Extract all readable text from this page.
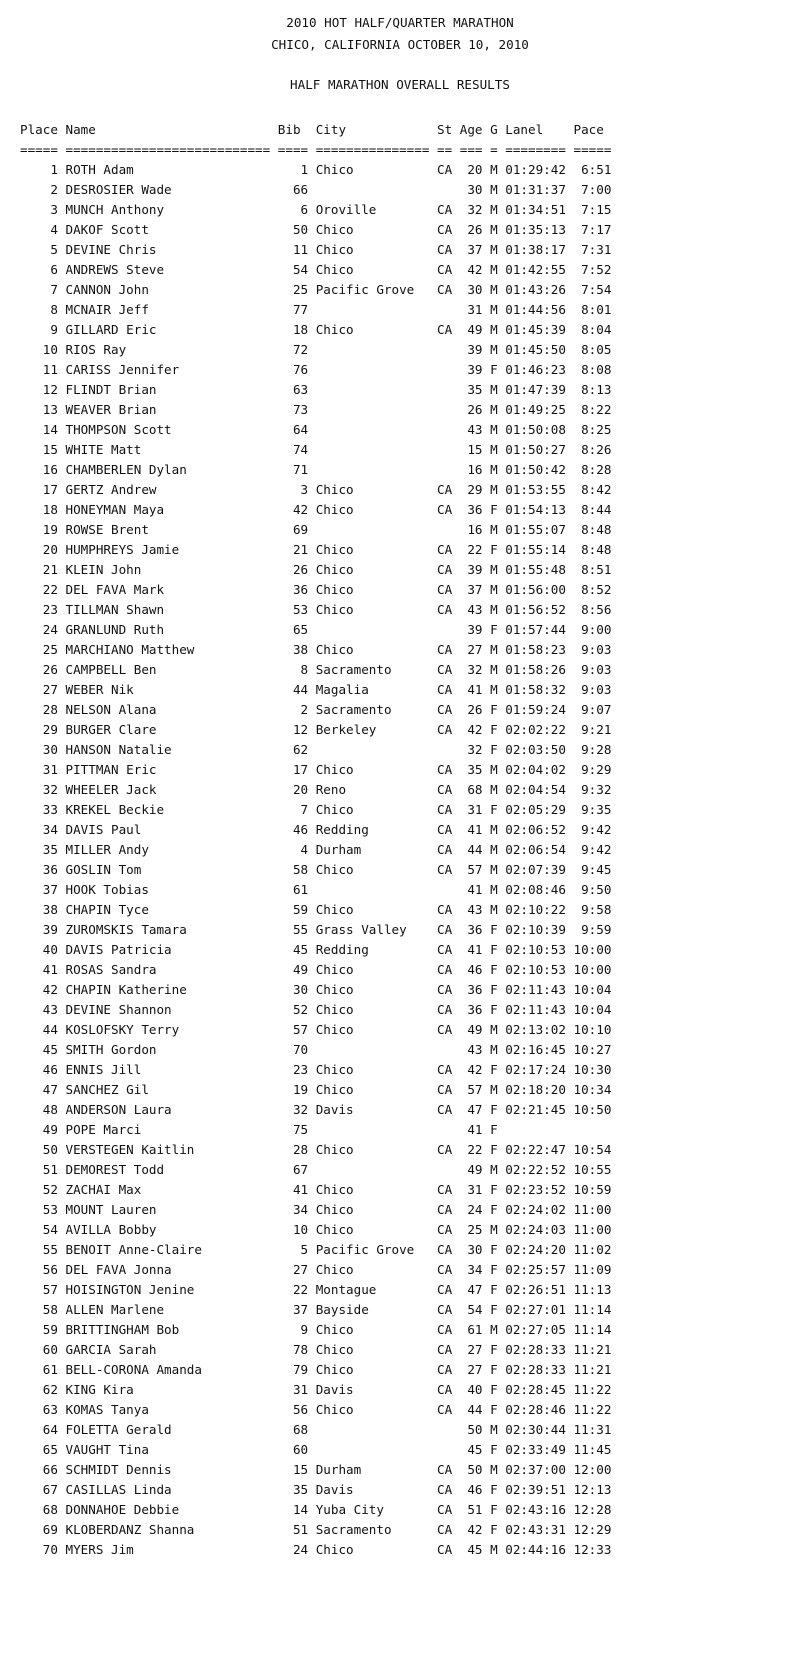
2010 HOT HALF/QUARTER MARATHON
CHICO, CALIFORNIA OCTOBER 10, 2010
HALF MARATHON OVERALL RESULTS
Place Name                        Bib  City            St Age G Lanel    Pace
===== =========================== ==== =============== == === = ======== =====
1 ROTH Adam                      1 Chico           CA  20 M 01:29:42  6:51
2 DESROSIER Wade                66                     30 M 01:31:37  7:00
3 MUNCH Anthony                  6 Oroville        CA  32 M 01:34:51  7:15
4 DAKOF Scott                   50 Chico           CA  26 M 01:35:13  7:17
5 DEVINE Chris                  11 Chico           CA  37 M 01:38:17  7:31
6 ANDREWS Steve                 54 Chico           CA  42 M 01:42:55  7:52
7 CANNON John                   25 Pacific Grove   CA  30 M 01:43:26  7:54
8 MCNAIR Jeff                   77                     31 M 01:44:56  8:01
9 GILLARD Eric                  18 Chico           CA  49 M 01:45:39  8:04
10 RIOS Ray                      72                     39 M 01:45:50  8:05
11 CARISS Jennifer               76                     39 F 01:46:23  8:08
12 FLINDT Brian                  63                     35 M 01:47:39  8:13
13 WEAVER Brian                  73                     26 M 01:49:25  8:22
14 THOMPSON Scott                64                     43 M 01:50:08  8:25
15 WHITE Matt                    74                     15 M 01:50:27  8:26
16 CHAMBERLEN Dylan              71                     16 M 01:50:42  8:28
17 GERTZ Andrew                   3 Chico           CA  29 M 01:53:55  8:42
18 HONEYMAN Maya                 42 Chico           CA  36 F 01:54:13  8:44
19 ROWSE Brent                   69                     16 M 01:55:07  8:48
20 HUMPHREYS Jamie               21 Chico           CA  22 F 01:55:14  8:48
21 KLEIN John                    26 Chico           CA  39 M 01:55:48  8:51
22 DEL FAVA Mark                 36 Chico           CA  37 M 01:56:00  8:52
23 TILLMAN Shawn                 53 Chico           CA  43 M 01:56:52  8:56
24 GRANLUND Ruth                 65                     39 F 01:57:44  9:00
25 MARCHIANO Matthew             38 Chico           CA  27 M 01:58:23  9:03
26 CAMPBELL Ben                   8 Sacramento      CA  32 M 01:58:26  9:03
27 WEBER Nik                     44 Magalia         CA  41 M 01:58:32  9:03
28 NELSON Alana                   2 Sacramento      CA  26 F 01:59:24  9:07
29 BURGER Clare                  12 Berkeley        CA  42 F 02:02:22  9:21
30 HANSON Natalie                62                     32 F 02:03:50  9:28
31 PITTMAN Eric                  17 Chico           CA  35 M 02:04:02  9:29
32 WHEELER Jack                  20 Reno            CA  68 M 02:04:54  9:32
33 KREKEL Beckie                  7 Chico           CA  31 F 02:05:29  9:35
34 DAVIS Paul                    46 Redding         CA  41 M 02:06:52  9:42
35 MILLER Andy                    4 Durham          CA  44 M 02:06:54  9:42
36 GOSLIN Tom                    58 Chico           CA  57 M 02:07:39  9:45
37 HOOK Tobias                   61                     41 M 02:08:46  9:50
38 CHAPIN Tyce                   59 Chico           CA  43 M 02:10:22  9:58
39 ZUROMSKIS Tamara              55 Grass Valley    CA  36 F 02:10:39  9:59
40 DAVIS Patricia                45 Redding         CA  41 F 02:10:53 10:00
41 ROSAS Sandra                  49 Chico           CA  46 F 02:10:53 10:00
42 CHAPIN Katherine              30 Chico           CA  36 F 02:11:43 10:04
43 DEVINE Shannon                52 Chico           CA  36 F 02:11:43 10:04
44 KOSLOFSKY Terry               57 Chico           CA  49 M 02:13:02 10:10
45 SMITH Gordon                  70                     43 M 02:16:45 10:27
46 ENNIS Jill                    23 Chico           CA  42 F 02:17:24 10:30
47 SANCHEZ Gil                   19 Chico           CA  57 M 02:18:20 10:34
48 ANDERSON Laura                32 Davis           CA  47 F 02:21:45 10:50
49 POPE Marci                    75                     41 F
50 VERSTEGEN Kaitlin             28 Chico           CA  22 F 02:22:47 10:54
51 DEMOREST Todd                 67                     49 M 02:22:52 10:55
52 ZACHAI Max                    41 Chico           CA  31 F 02:23:52 10:59
53 MOUNT Lauren                  34 Chico           CA  24 F 02:24:02 11:00
54 AVILLA Bobby                  10 Chico           CA  25 M 02:24:03 11:00
55 BENOIT Anne-Claire             5 Pacific Grove   CA  30 F 02:24:20 11:02
56 DEL FAVA Jonna                27 Chico           CA  34 F 02:25:57 11:09
57 HOISINGTON Jenine             22 Montague        CA  47 F 02:26:51 11:13
58 ALLEN Marlene                 37 Bayside         CA  54 F 02:27:01 11:14
59 BRITTINGHAM Bob                9 Chico           CA  61 M 02:27:05 11:14
60 GARCIA Sarah                  78 Chico           CA  27 F 02:28:33 11:21
61 BELL-CORONA Amanda            79 Chico           CA  27 F 02:28:33 11:21
62 KING Kira                     31 Davis           CA  40 F 02:28:45 11:22
63 KOMAS Tanya                   56 Chico           CA  44 F 02:28:46 11:22
64 FOLETTA Gerald                68                     50 M 02:30:44 11:31
65 VAUGHT Tina                   60                     45 F 02:33:49 11:45
66 SCHMIDT Dennis                15 Durham          CA  50 M 02:37:00 12:00
67 CASILLAS Linda                35 Davis           CA  46 F 02:39:51 12:13
68 DONNAHOE Debbie               14 Yuba City       CA  51 F 02:43:16 12:28
69 KLOBERDANZ Shanna             51 Sacramento      CA  42 F 02:43:31 12:29
70 MYERS Jim                     24 Chico           CA  45 M 02:44:16 12:33
